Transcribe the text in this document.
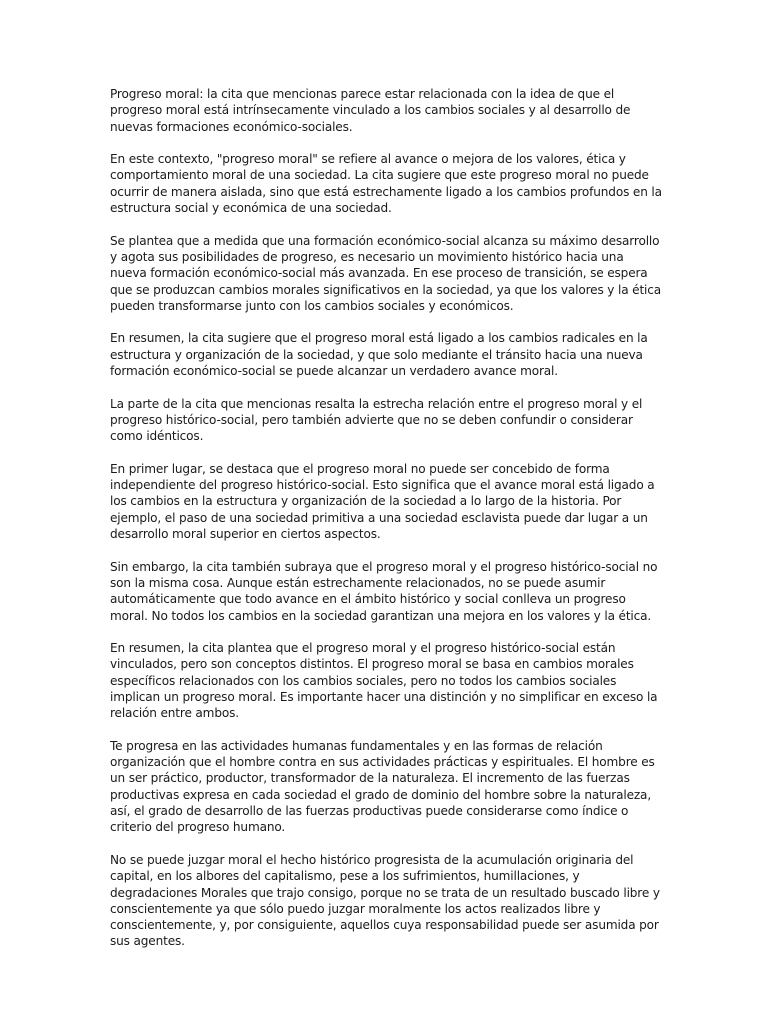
Progreso moral: la cita que mencionas parece estar relacionada con la idea de que el progreso moral está intrínsecamente vinculado a los cambios sociales y al desarrollo de nuevas formaciones económico-sociales.

En este contexto, "progreso moral" se refiere al avance o mejora de los valores, ética y comportamiento moral de una sociedad. La cita sugiere que este progreso moral no puede ocurrir de manera aislada, sino que está estrechamente ligado a los cambios profundos en la estructura social y económica de una sociedad.

Se plantea que a medida que una formación económico-social alcanza su máximo desarrollo y agota sus posibilidades de progreso, es necesario un movimiento histórico hacia una nueva formación económico-social más avanzada. En ese proceso de transición, se espera que se produzcan cambios morales significativos en la sociedad, ya que los valores y la ética pueden transformarse junto con los cambios sociales y económicos.

En resumen, la cita sugiere que el progreso moral está ligado a los cambios radicales en la estructura y organización de la sociedad, y que solo mediante el tránsito hacia una nueva formación económico-social se puede alcanzar un verdadero avance moral.

La parte de la cita que mencionas resalta la estrecha relación entre el progreso moral y el progreso histórico-social, pero también advierte que no se deben confundir o considerar como idénticos.

En primer lugar, se destaca que el progreso moral no puede ser concebido de forma independiente del progreso histórico-social. Esto significa que el avance moral está ligado a los cambios en la estructura y organización de la sociedad a lo largo de la historia. Por ejemplo, el paso de una sociedad primitiva a una sociedad esclavista puede dar lugar a un desarrollo moral superior en ciertos aspectos.

Sin embargo, la cita también subraya que el progreso moral y el progreso histórico-social no son la misma cosa. Aunque están estrechamente relacionados, no se puede asumir automáticamente que todo avance en el ámbito histórico y social conlleva un progreso moral. No todos los cambios en la sociedad garantizan una mejora en los valores y la ética.

En resumen, la cita plantea que el progreso moral y el progreso histórico-social están vinculados, pero son conceptos distintos. El progreso moral se basa en cambios morales específicos relacionados con los cambios sociales, pero no todos los cambios sociales implican un progreso moral. Es importante hacer una distinción y no simplificar en exceso la relación entre ambos.

Te progresa en las actividades humanas fundamentales y en las formas de relación organización que el hombre contra en sus actividades prácticas y espirituales. El hombre es un ser práctico, productor, transformador de la naturaleza. El incremento de las fuerzas productivas expresa en cada sociedad el grado de dominio del hombre sobre la naturaleza, así, el grado de desarrollo de las fuerzas productivas puede considerarse como índice o criterio del progreso humano.

No se puede juzgar moral el hecho histórico progresista de la acumulación originaria del capital, en los albores del capitalismo, pese a los sufrimientos, humillaciones, y degradaciones Morales que trajo consigo, porque no se trata de un resultado buscado libre y conscientemente ya que sólo puedo juzgar moralmente los actos realizados libre y conscientemente, y, por consiguiente, aquellos cuya responsabilidad puede ser asumida por sus agentes.
